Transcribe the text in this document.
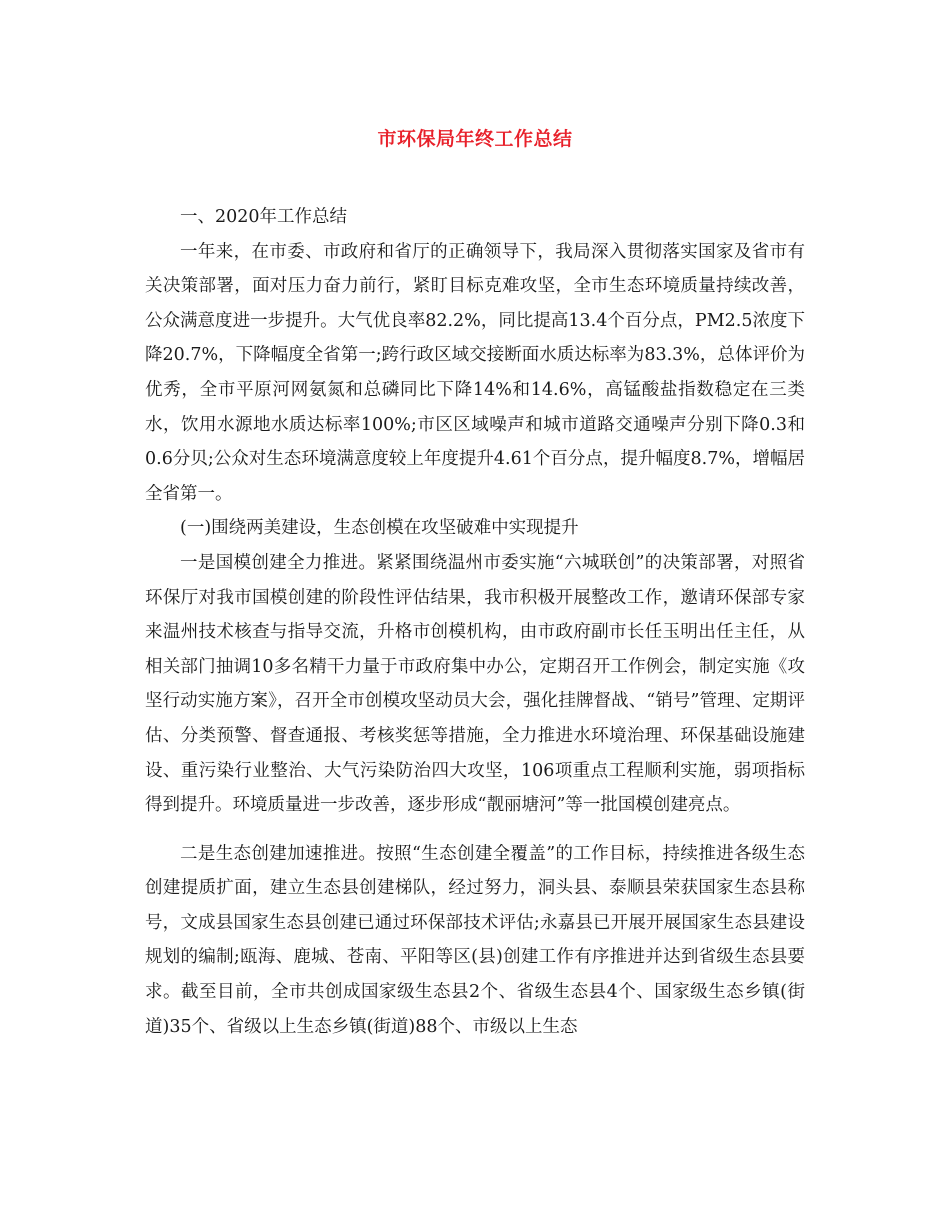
市环保局年终工作总结

一、2020年工作总结

一年来，在市委、市政府和省厅的正确领导下，我局深入贯彻落实国家及省市有关决策部署，面对压力奋力前行，紧盯目标克难攻坚，全市生态环境质量持续改善，公众满意度进一步提升。大气优良率82.2%，同比提高13.4个百分点，PM2.5浓度下降20.7%，下降幅度全省第一;跨行政区域交接断面水质达标率为83.3%，总体评价为优秀，全市平原河网氨氮和总磷同比下降14%和14.6%，高锰酸盐指数稳定在三类水，饮用水源地水质达标率100%;市区区域噪声和城市道路交通噪声分别下降0.3和0.6分贝;公众对生态环境满意度较上年度提升4.61个百分点，提升幅度8.7%，增幅居全省第一。

(一)围绕两美建设，生态创模在攻坚破难中实现提升

一是国模创建全力推进。紧紧围绕温州市委实施“六城联创”的决策部署，对照省环保厅对我市国模创建的阶段性评估结果，我市积极开展整改工作，邀请环保部专家来温州技术核查与指导交流，升格市创模机构，由市政府副市长任玉明出任主任，从相关部门抽调10多名精干力量于市政府集中办公，定期召开工作例会，制定实施《攻坚行动实施方案》，召开全市创模攻坚动员大会，强化挂牌督战、“销号”管理、定期评估、分类预警、督查通报、考核奖惩等措施，全力推进水环境治理、环保基础设施建设、重污染行业整治、大气污染防治四大攻坚，106项重点工程顺利实施，弱项指标得到提升。环境质量进一步改善，逐步形成“靓丽塘河”等一批国模创建亮点。

二是生态创建加速推进。按照“生态创建全覆盖”的工作目标，持续推进各级生态创建提质扩面，建立生态县创建梯队，经过努力，洞头县、泰顺县荣获国家生态县称号，文成县国家生态县创建已通过环保部技术评估;永嘉县已开展开展国家生态县建设规划的编制;瓯海、鹿城、苍南、平阳等区(县)创建工作有序推进并达到省级生态县要求。截至目前，全市共创成国家级生态县2个、省级生态县4个、国家级生态乡镇(街道)35个、省级以上生态乡镇(街道)88个、市级以上生态
